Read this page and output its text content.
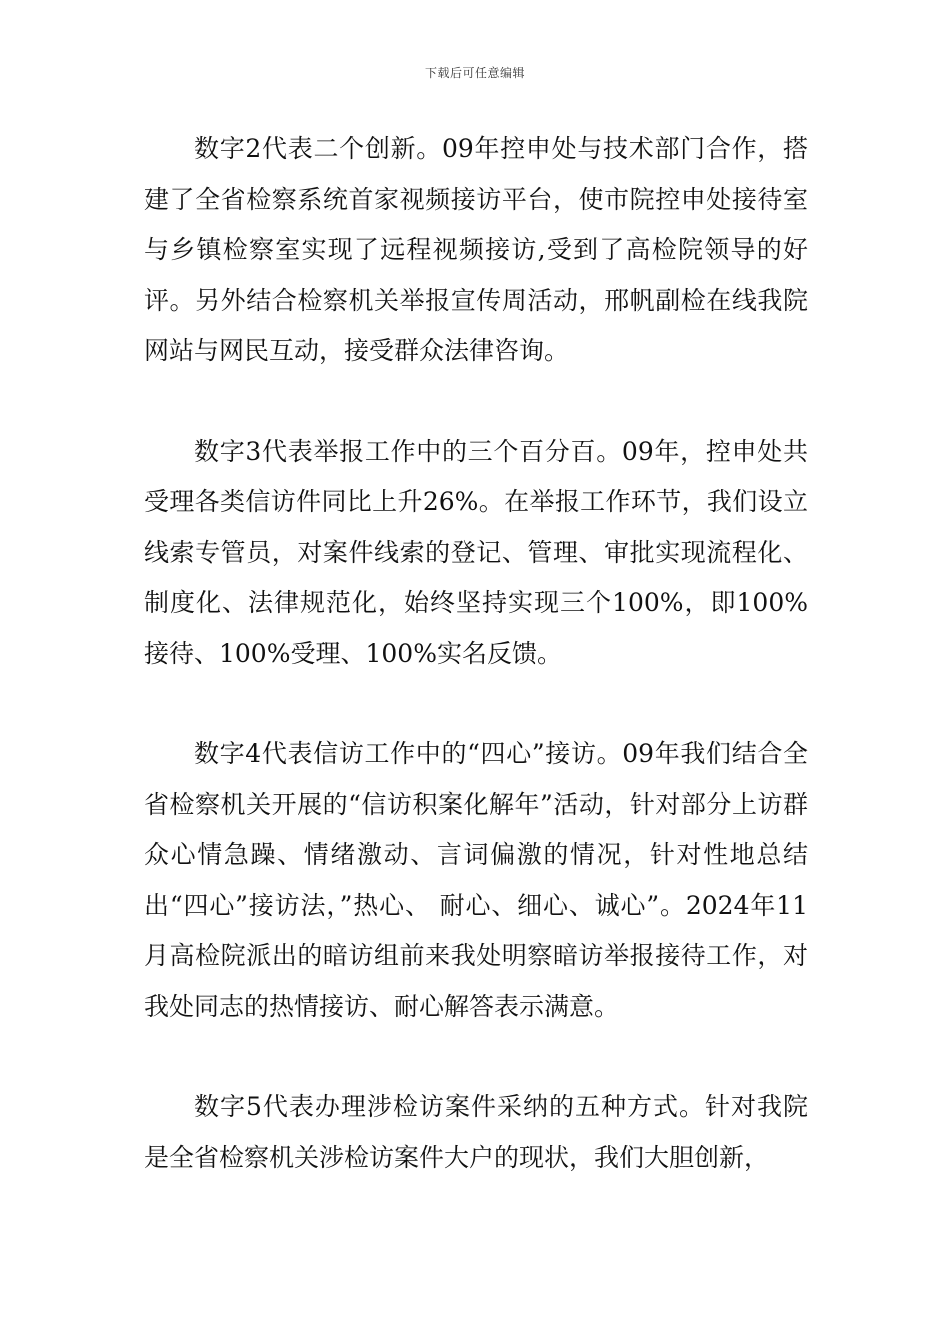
下载后可任意编辑

数字2代表二个创新。09年控申处与技术部门合作，搭建了全省检察系统首家视频接访平台，使市院控申处接待室与乡镇检察室实现了远程视频接访,受到了高检院领导的好评。另外结合检察机关举报宣传周活动，邢帆副检在线我院网站与网民互动，接受群众法律咨询。

数字3代表举报工作中的三个百分百。09年，控申处共受理各类信访件同比上升26%。在举报工作环节，我们设立线索专管员，对案件线索的登记、管理、审批实现流程化、制度化、法律规范化，始终坚持实现三个100%，即100%接待、100%受理、100%实名反馈。

数字4代表信访工作中的“四心”接访。09年我们结合全省检察机关开展的“信访积案化解年”活动，针对部分上访群众心情急躁、情绪激动、言词偏激的情况，针对性地总结出“四心”接访法，”热心、 耐心、细心、诚心”。2024年11月高检院派出的暗访组前来我处明察暗访举报接待工作，对我处同志的热情接访、耐心解答表示满意。

数字5代表办理涉检访案件采纳的五种方式。针对我院是全省检察机关涉检访案件大户的现状，我们大胆创新，
